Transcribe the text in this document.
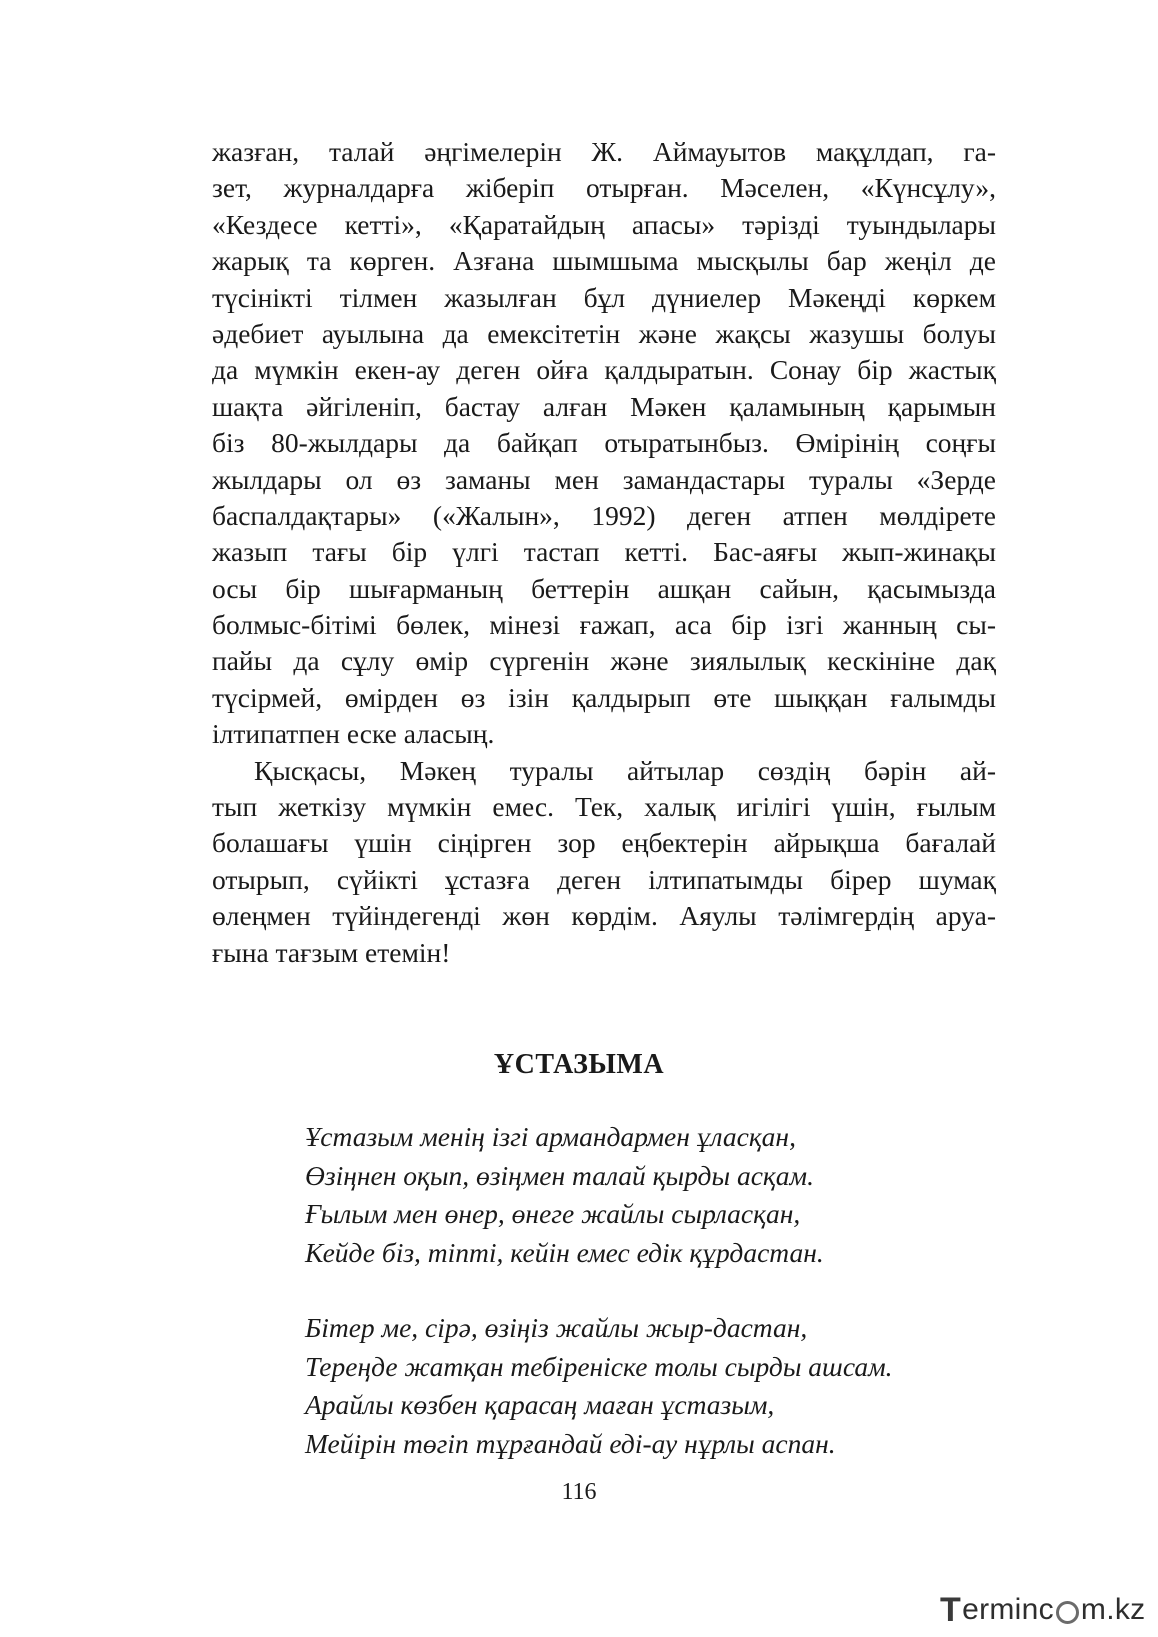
жазған, талай әңгімелерін Ж. Аймауытов мақұлдап, га-
зет, журналдарға жіберіп отырған. Мәселен, «Күнсұлу»,
«Кездесе кетті», «Қаратайдың апасы» тәрізді туындылары
жарық та көрген. Азғана шымшыма мысқылы бар жеңіл де
түсінікті тілмен жазылған бұл дүниелер Мәкеңді көркем
әдебиет ауылына да емексітетін және жақсы жазушы болуы
да мүмкін екен-ау деген ойға қалдыратын. Сонау бір жастық
шақта әйгіленіп, бастау алған Мәкен қаламының қарымын
біз 80-жылдары да байқап отыратынбыз. Өмірінің соңғы
жылдары ол өз заманы мен замандастары туралы «Зерде
баспалдақтары» («Жалын», 1992) деген атпен мөлдірете
жазып тағы бір үлгі тастап кетті. Бас-аяғы жып-жинақы
осы бір шығарманың беттерін ашқан сайын, қасымызда
болмыс-бітімі бөлек, мінезі ғажап, аса бір ізгі жанның сы-
пайы да сұлу өмір сүргенін және зиялылық кескініне дақ
түсірмей, өмірден өз ізін қалдырып өте шыққан ғалымды
ілтипатпен еске аласың.
Қысқасы, Мәкең туралы айтылар сөздің бәрін ай-
тып жеткізу мүмкін емес. Тек, халық игілігі үшін, ғылым
болашағы үшін сіңірген зор еңбектерін айрықша бағалай
отырып, сүйікті ұстазға деген ілтипатымды бірер шумақ
өлеңмен түйіндегенді жөн көрдім. Аяулы тәлімгердің аруа-
ғына тағзым етемін!
ҰСТАЗЫМА
Ұстазым менің ізгі армандармен ұласқан,
Өзіңнен оқып, өзіңмен талай қырды асқам.
Ғылым мен өнер, өнеге жайлы сырласқан,
Кейде біз, тіпті, кейін емес едік құрдастан.
Бітер ме, сірә, өзіңіз жайлы жыр-дастан,
Тереңде жатқан тебіреніске толы сырды ашсам.
Арайлы көзбен қарасаң маған ұстазым,
Мейірін төгіп тұрғандай еді-ау нұрлы аспан.
116
T erminc m.kz
